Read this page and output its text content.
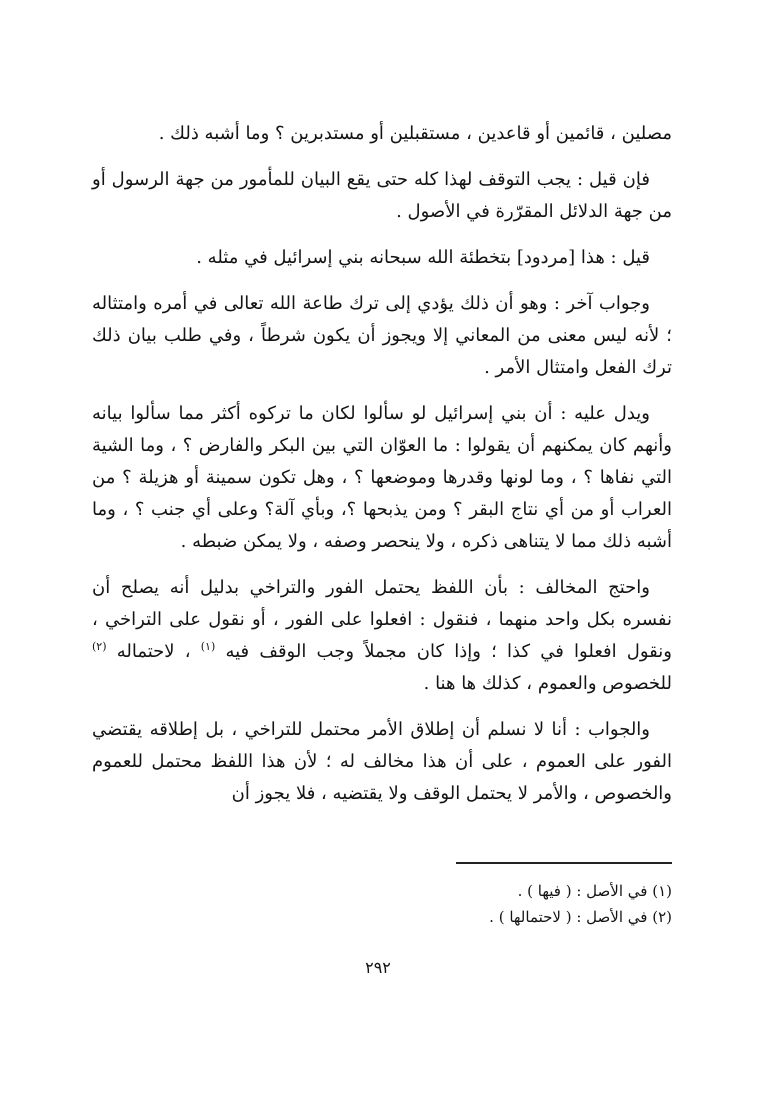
مصلين ، قائمين أو قاعدين ، مستقبلين أو مستدبرين ؟ وما أشبه ذلك .

فإن قيل : يجب التوقف لهذا كله حتى يقع البيان للمأمور من جهة الرسول أو من جهة الدلائل المقرّرة في الأصول .

قيل : هذا [مردود] بتخطئة الله سبحانه بني إسرائيل في مثله .

وجواب آخر : وهو أن ذلك يؤدي إلى ترك طاعة الله تعالى في أمره وامتثاله ؛ لأنه ليس معنى من المعاني إلا ويجوز أن يكون شرطاً ، وفي طلب بيان ذلك ترك الفعل وامتثال الأمر .

ويدل عليه : أن بني إسرائيل لو سألوا لكان ما تركوه أكثر مما سألوا بيانه وأنهم كان يمكنهم أن يقولوا : ما العوّان التي بين البكر والفارض ؟ ، وما الشية التي نفاها ؟ ، وما لونها وقدرها وموضعها ؟ ، وهل تكون سمينة أو هزيلة ؟ من العراب أو من أي نتاج البقر ؟ ومن يذبحها ؟، وبأي آلة؟ وعلى أي جنب ؟ ، وما أشبه ذلك مما لا يتناهى ذكره ، ولا ينحصر وصفه ، ولا يمكن ضبطه .

واحتج المخالف : بأن اللفظ يحتمل الفور والتراخي بدليل أنه يصلح أن نفسره بكل واحد منهما ، فنقول : افعلوا على الفور ، أو نقول على التراخي ، ونقول افعلوا في كذا ؛ وإذا كان مجملاً وجب الوقف فيه $^{(١)}$ ، لاحتماله $^{(٢)}$ للخصوص والعموم ، كذلك ها هنا .

والجواب : أنا لا نسلم أن إطلاق الأمر محتمل للتراخي ، بل إطلاقه يقتضي الفور على العموم ، على أن هذا مخالف له ؛ لأن هذا اللفظ محتمل للعموم والخصوص ، والأمر لا يحتمل الوقف ولا يقتضيه ، فلا يجوز أن

(١) في الأصل : ( فيها ) .

(٢) في الأصل : ( لاحتمالها ) .

٢٩٢
